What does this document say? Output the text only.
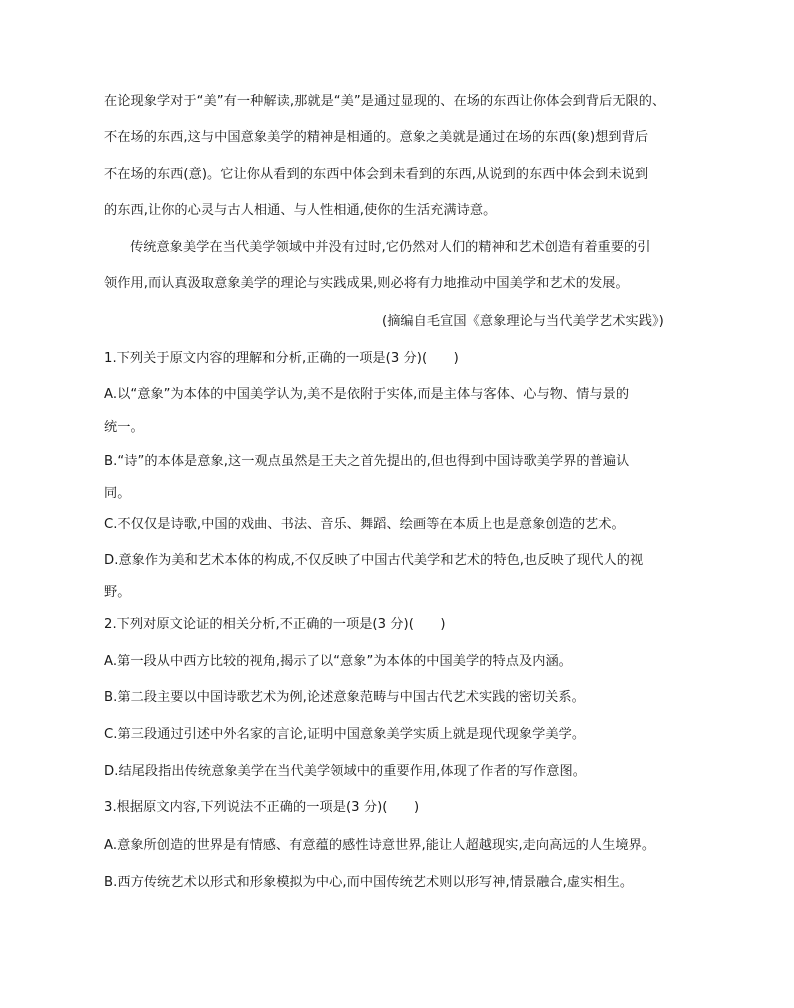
在论现象学对于“美”有一种解读,那就是“美”是通过显现的、在场的东西让你体会到背后无限的、
不在场的东西,这与中国意象美学的精神是相通的。意象之美就是通过在场的东西(象)想到背后
不在场的东西(意)。它让你从看到的东西中体会到未看到的东西,从说到的东西中体会到未说到
的东西,让你的心灵与古人相通、与人性相通,使你的生活充满诗意。
传统意象美学在当代美学领域中并没有过时,它仍然对人们的精神和艺术创造有着重要的引
领作用,而认真汲取意象美学的理论与实践成果,则必将有力地推动中国美学和艺术的发展。
(摘编自毛宣国《意象理论与当代美学艺术实践》)
1.下列关于原文内容的理解和分析,正确的一项是(3 分)(　　)
A.以“意象”为本体的中国美学认为,美不是依附于实体,而是主体与客体、心与物、情与景的
统一。
B.“诗”的本体是意象,这一观点虽然是王夫之首先提出的,但也得到中国诗歌美学界的普遍认
同。
C.不仅仅是诗歌,中国的戏曲、书法、音乐、舞蹈、绘画等在本质上也是意象创造的艺术。
D.意象作为美和艺术本体的构成,不仅反映了中国古代美学和艺术的特色,也反映了现代人的视
野。
2.下列对原文论证的相关分析,不正确的一项是(3 分)(　　)
A.第一段从中西方比较的视角,揭示了以“意象”为本体的中国美学的特点及内涵。
B.第二段主要以中国诗歌艺术为例,论述意象范畴与中国古代艺术实践的密切关系。
C.第三段通过引述中外名家的言论,证明中国意象美学实质上就是现代现象学美学。
D.结尾段指出传统意象美学在当代美学领域中的重要作用,体现了作者的写作意图。
3.根据原文内容,下列说法不正确的一项是(3 分)(　　)
A.意象所创造的世界是有情感、有意蕴的感性诗意世界,能让人超越现实,走向高远的人生境界。
B.西方传统艺术以形式和形象模拟为中心,而中国传统艺术则以形写神,情景融合,虚实相生。
